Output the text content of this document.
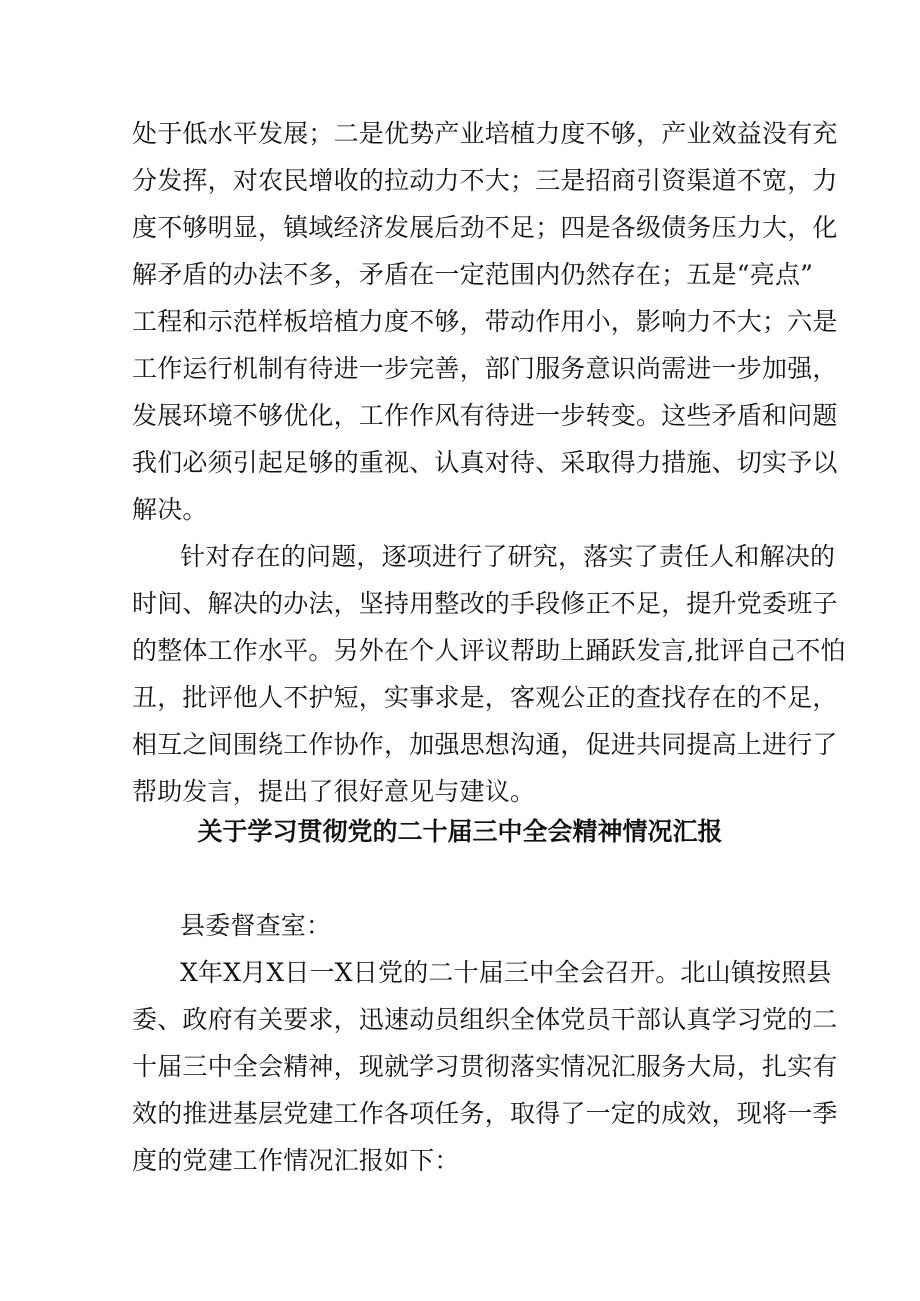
处于低水平发展；二是优势产业培植力度不够，产业效益没有充
分发挥，对农民增收的拉动力不大；三是招商引资渠道不宽，力
度不够明显，镇域经济发展后劲不足；四是各级债务压力大，化
解矛盾的办法不多，矛盾在一定范围内仍然存在；五是“亮点”
工程和示范样板培植力度不够，带动作用小，影响力不大；六是
工作运行机制有待进一步完善，部门服务意识尚需进一步加强，
发展环境不够优化，工作作风有待进一步转变。这些矛盾和问题
我们必须引起足够的重视、认真对待、采取得力措施、切实予以
解决。
针对存在的问题，逐项进行了研究，落实了责任人和解决的
时间、解决的办法，坚持用整改的手段修正不足，提升党委班子
的整体工作水平。另外在个人评议帮助上踊跃发言,批评自己不怕
丑，批评他人不护短，实事求是，客观公正的查找存在的不足，
相互之间围绕工作协作，加强思想沟通，促进共同提高上进行了
帮助发言，提出了很好意见与建议。
关于学习贯彻党的二十届三中全会精神情况汇报
县委督查室：
X年X月X日一X日党的二十届三中全会召开。北山镇按照县
委、政府有关要求，迅速动员组织全体党员干部认真学习党的二
十届三中全会精神，现就学习贯彻落实情况汇服务大局，扎实有
效的推进基层党建工作各项任务，取得了一定的成效，现将一季
度的党建工作情况汇报如下：
